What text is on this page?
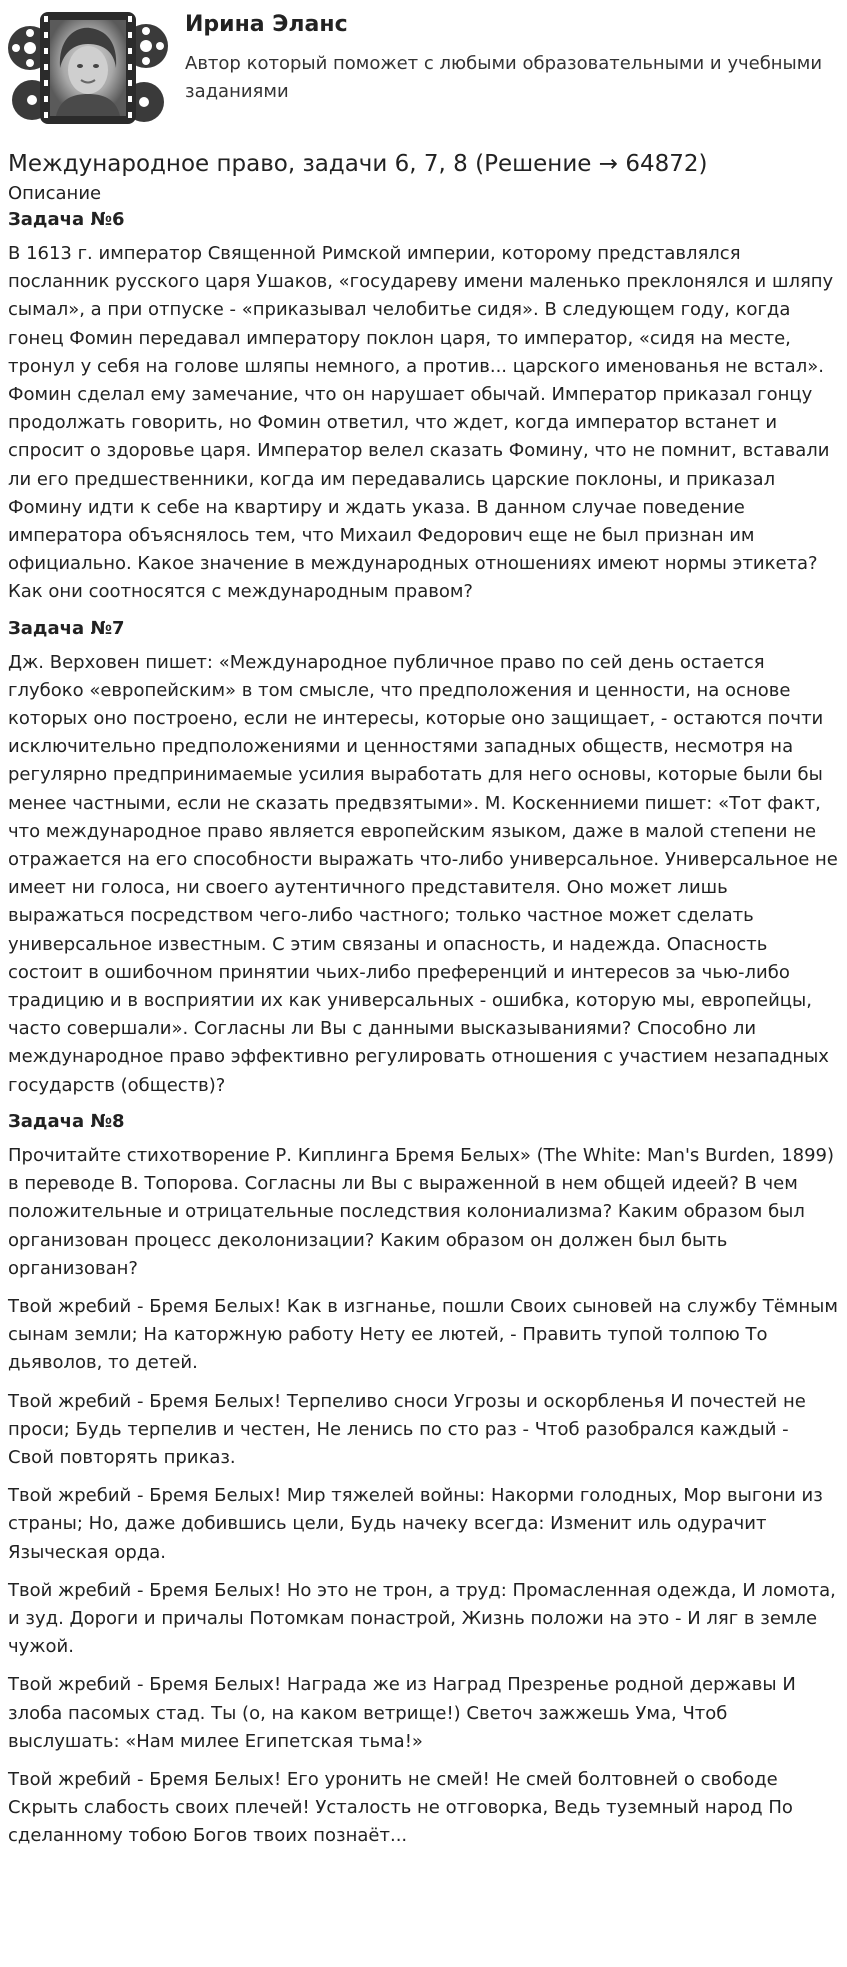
Ирина Эланс
Автор который поможет с любыми образовательными и учебными заданиями
Международное право, задачи 6, 7, 8 (Решение → 64872)
Описание
Задача №6

В 1613 г. император Священной Римской империи, которому представлялся посланник русского царя Ушаков, «государеву имени маленько преклонялся и шляпу сымал», а при отпуске - «приказывал челобитье сидя». В следующем году, когда гонец Фомин передавал императору поклон царя, то император, «сидя на месте, тронул у себя на голове шляпы немного, а против... царского именованья не встал». Фомин сделал ему замечание, что он нарушает обычай. Император приказал гонцу продолжать говорить, но Фомин ответил, что ждет, когда император встанет и спросит о здоровье царя. Император велел сказать Фомину, что не помнит, вставали ли его предшественники, когда им передавались царские поклоны, и приказал Фомину идти к себе на квартиру и ждать указа. В данном случае поведение императора объяснялось тем, что Михаил Федорович еще не был признан им официально. Какое значение в международных отношениях имеют нормы этикета? Как они соотносятся с международным правом?

Задача №7

Дж. Верховен пишет: «Международное публичное право по сей день остается глубоко «европейским» в том смысле, что предположения и ценности, на основе которых оно построено, если не интересы, которые оно защищает, - остаются почти исключительно предположениями и ценностями западных обществ, несмотря на регулярно предпринимаемые усилия выработать для него основы, которые были бы менее частными, если не сказать предвзятыми». М. Коскенниеми пишет: «Тот факт, что международное право является европейским языком, даже в малой степени не отражается на его способности выражать что-либо универсальное. Универсальное не имеет ни голоса, ни своего аутентичного представителя. Оно может лишь выражаться посредством чего-либо частного; только частное может сделать универсальное известным. С этим связаны и опасность, и надежда. Опасность состоит в ошибочном принятии чьих-либо преференций и интересов за чью-либо традицию и в восприятии их как универсальных - ошибка, которую мы, европейцы, часто совершали». Согласны ли Вы с данными высказываниями? Способно ли международное право эффективно регулировать отношения с участием незападных государств (обществ)?

Задача №8

Прочитайте стихотворение Р. Киплинга Бремя Белых» (The White: Man's Burden, 1899) в переводе В. Топорова. Согласны ли Вы с выраженной в нем общей идеей? В чем положительные и отрицательные последствия колониализма? Каким образом был организован процесс деколонизации? Каким образом он должен был быть организован?

Твой жребий - Бремя Белых! Как в изгнанье, пошли Своих сыновей на службу Тёмным сынам земли; На каторжную работу Нету ее лютей, - Править тупой толпою То дьяволов, то детей.

Твой жребий - Бремя Белых! Терпеливо сноси Угрозы и оскорбленья И почестей не проси; Будь терпелив и честен, Не ленись по сто раз - Чтоб разобрался каждый - Свой повторять приказ.

Твой жребий - Бремя Белых! Мир тяжелей войны: Накорми голодных, Мор выгони из страны; Но, даже добившись цели, Будь начеку всегда: Изменит иль одурачит Языческая орда.

Твой жребий - Бремя Белых! Но это не трон, а труд: Промасленная одежда, И ломота, и зуд. Дороги и причалы Потомкам понастрой, Жизнь положи на это - И ляг в земле чужой.

Твой жребий - Бремя Белых! Награда же из Наград Презренье родной державы И злоба пасомых стад. Ты (о, на каком ветрище!) Светоч зажжешь Ума, Чтоб выслушать: «Нам милее Египетская тьма!»

Твой жребий - Бремя Белых! Его уронить не смей! Не смей болтовней о свободе Скрыть слабость своих плечей! Усталость не отговорка, Ведь туземный народ По сделанному тобою Богов твоих познаёт...
